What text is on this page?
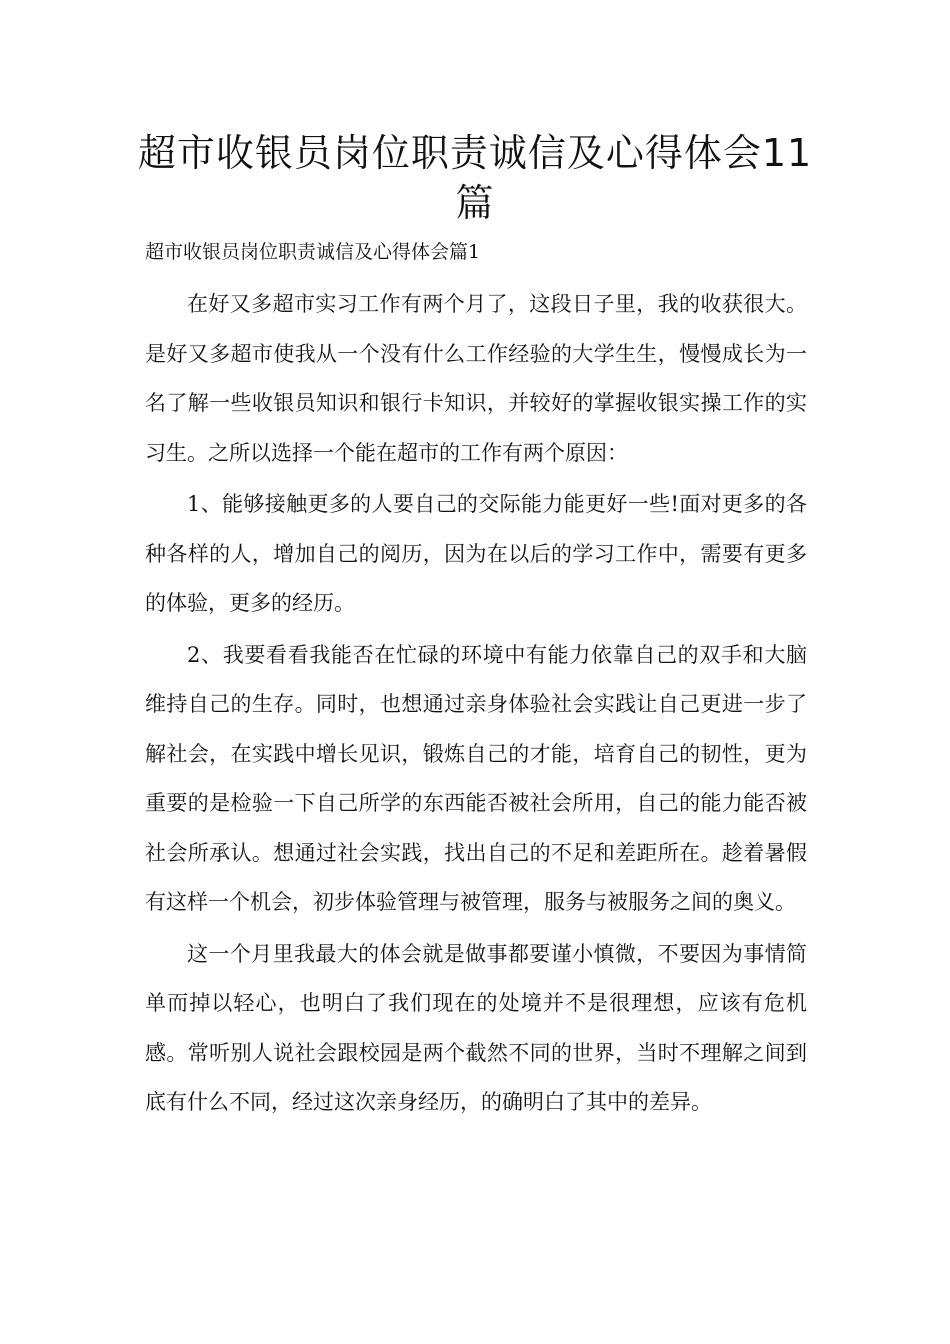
超市收银员岗位职责诚信及心得体会11篇

超市收银员岗位职责诚信及心得体会篇1

在好又多超市实习工作有两个月了，这段日子里，我的收获很大。是好又多超市使我从一个没有什么工作经验的大学生生，慢慢成长为一名了解一些收银员知识和银行卡知识，并较好的掌握收银实操工作的实习生。之所以选择一个能在超市的工作有两个原因：

1、能够接触更多的人要自己的交际能力能更好一些!面对更多的各种各样的人，增加自己的阅历，因为在以后的学习工作中，需要有更多的体验，更多的经历。

2、我要看看我能否在忙碌的环境中有能力依靠自己的双手和大脑维持自己的生存。同时，也想通过亲身体验社会实践让自己更进一步了解社会，在实践中增长见识，锻炼自己的才能，培育自己的韧性，更为重要的是检验一下自己所学的东西能否被社会所用，自己的能力能否被社会所承认。想通过社会实践，找出自己的不足和差距所在。趁着暑假有这样一个机会，初步体验管理与被管理，服务与被服务之间的奥义。

这一个月里我最大的体会就是做事都要谨小慎微，不要因为事情简单而掉以轻心，也明白了我们现在的处境并不是很理想，应该有危机感。常听别人说社会跟校园是两个截然不同的世界，当时不理解之间到底有什么不同，经过这次亲身经历，的确明白了其中的差异。
